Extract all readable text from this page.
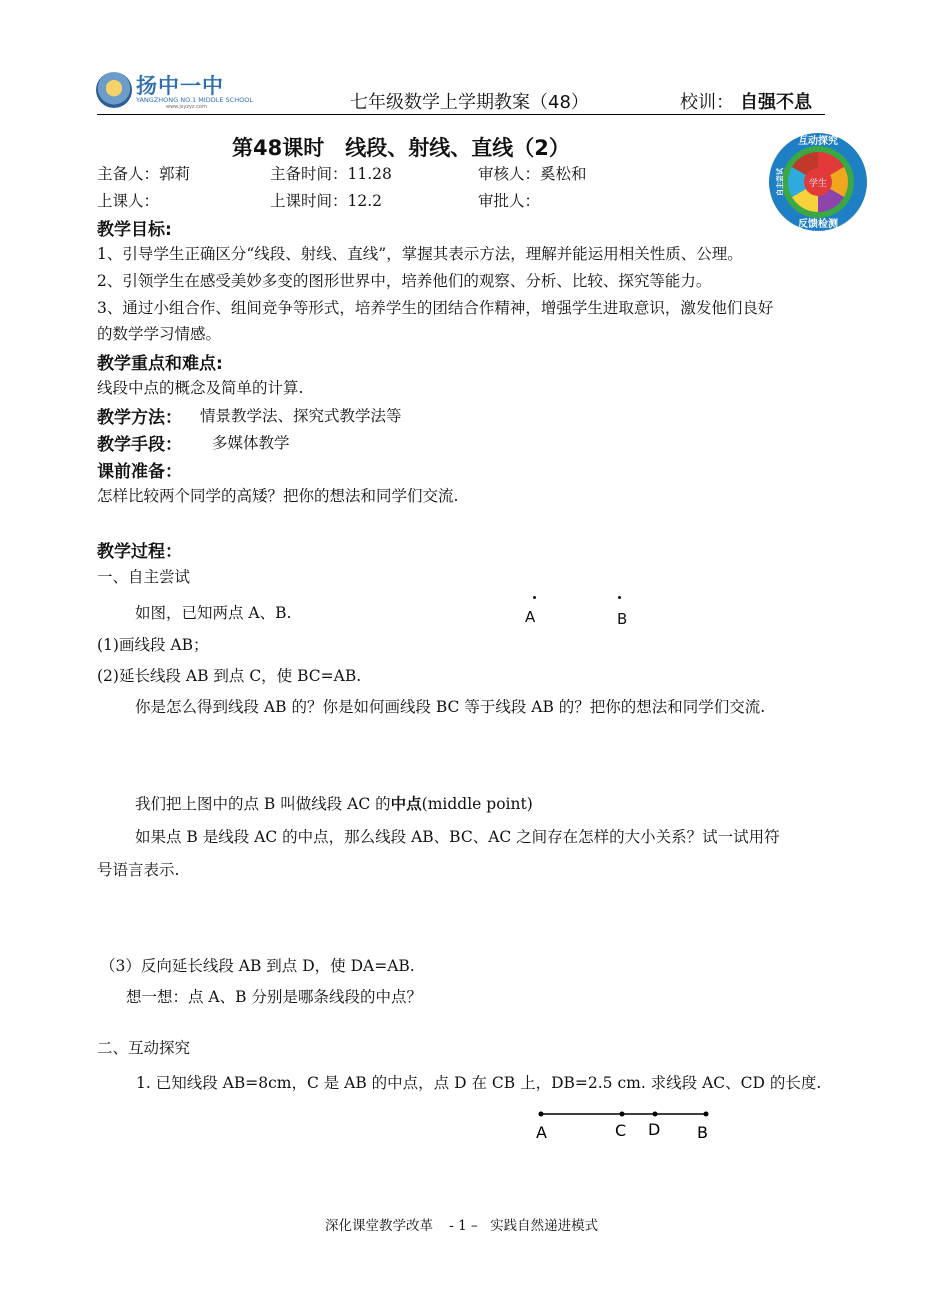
扬中一中
YANGZHONG NO.1 MIDDLE SCHOOL
www.jsyzyz.com	七年级数学上学期教案（48）	校训： 自强不息
学生
互动探究
反馈检测
自主尝试
第48课时　线段、射线、直线（2）
主备人：郭莉	主备时间：11.28	审核人：奚松和
上课人：	上课时间：12.2	审批人：
教学目标:
1、引导学生正确区分“线段、射线、直线”，掌握其表示方法，理解并能运用相关性质、公理。
2、引领学生在感受美妙多变的图形世界中，培养他们的观察、分析、比较、探究等能力。
3、通过小组合作、组间竞争等形式，培养学生的团结合作精神，增强学生进取意识，激发他们良好
的数学学习情感。
教学重点和难点:
线段中点的概念及简单的计算.
教学方法： 情景教学法、探究式教学法等
教学手段： 多媒体教学
课前准备：
怎样比较两个同学的高矮？把你的想法和同学们交流.
教学过程：
一、自主尝试
如图，已知两点 A、B.	A	B
(1)画线段 AB；
(2)延长线段 AB 到点 C，使 BC=AB.
你是怎么得到线段 AB 的？你是如何画线段 BC 等于线段 AB 的？把你的想法和同学们交流.
我们把上图中的点 B 叫做线段 AC 的中点(middle point)
如果点 B 是线段 AC 的中点，那么线段 AB、BC、AC 之间存在怎样的大小关系？试一试用符
号语言表示.
（3）反向延长线段 AB 到点 D，使 DA=AB.
想一想：点 A、B 分别是哪条线段的中点？
二、互动探究
1. 已知线段 AB=8cm，C 是 AB 的中点，点 D 在 CB 上，DB=2.5 cm. 求线段 AC、CD 的长度.
A	C D B
深化课堂教学改革 - 1 – 实践自然递进模式
